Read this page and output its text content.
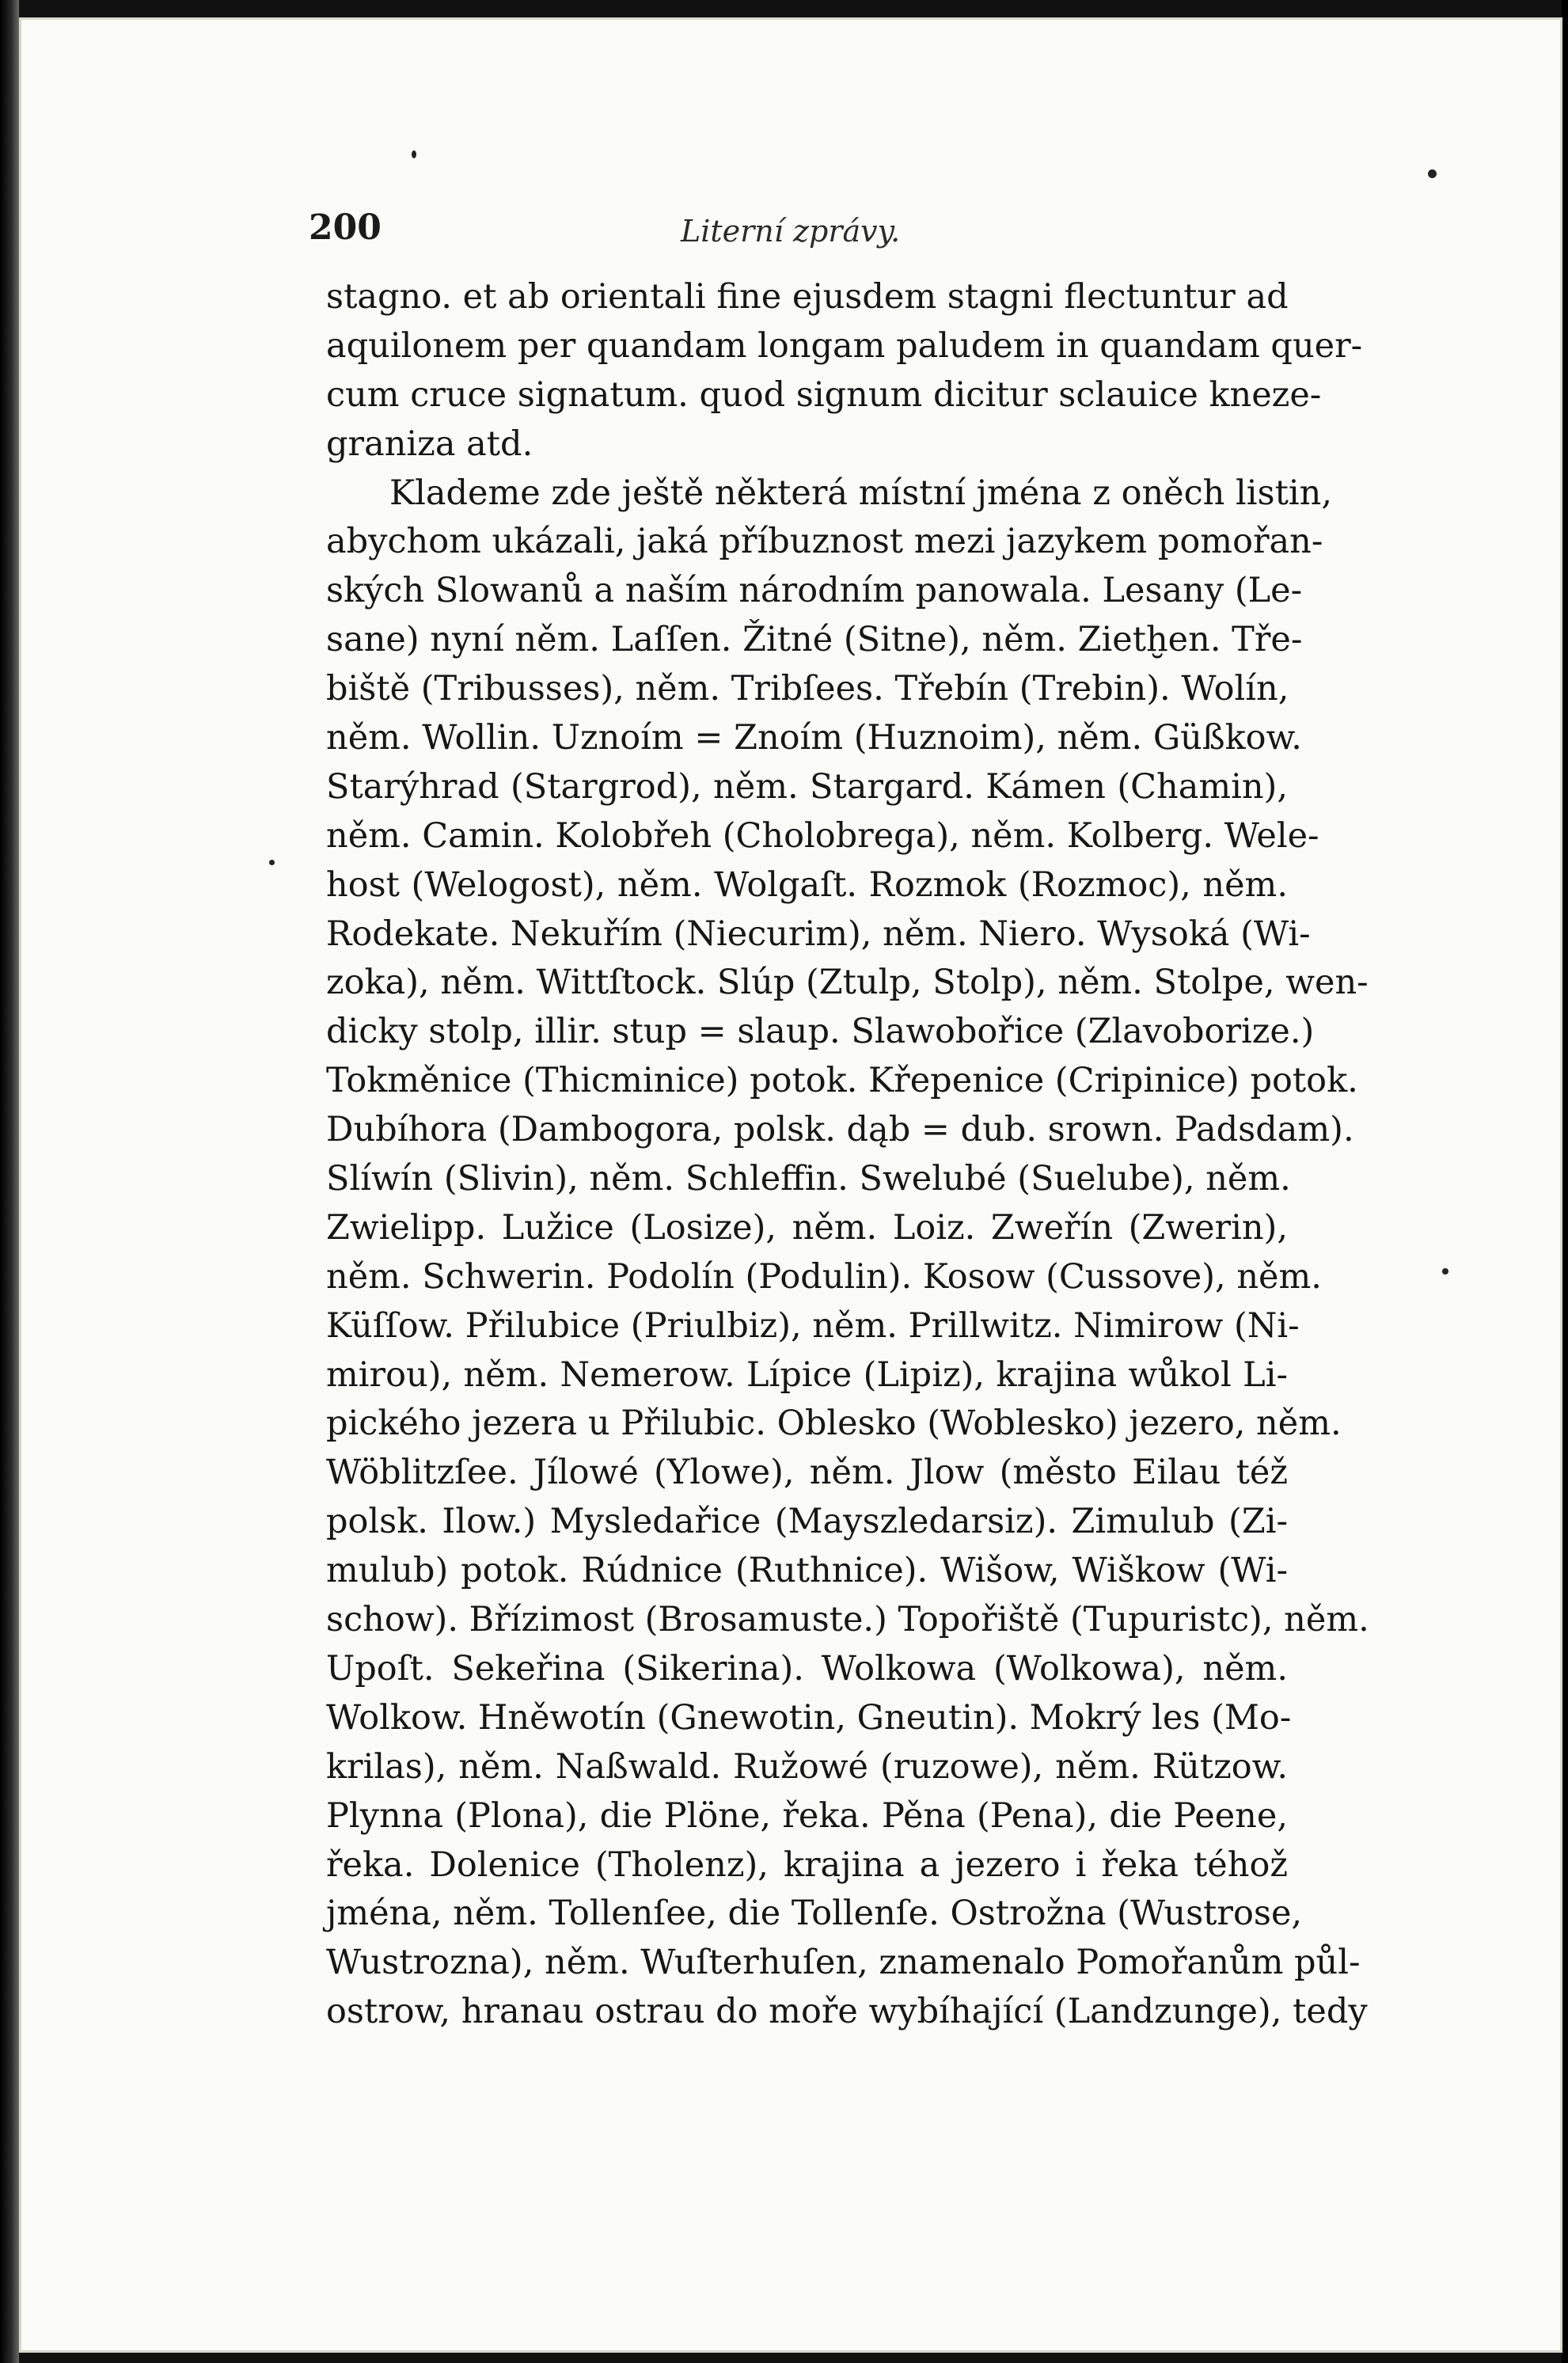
200	Literní zprávy.
stagno. et ab orientali fine ejusdem stagni flectuntur ad
aquilonem per quandam longam paludem in quandam quer-
cum cruce signatum. quod signum dicitur sclauice kneze-
graniza atd.
Klademe zde ještě některá místní jména z oněch listin,
abychom ukázali, jaká příbuznost mezi jazykem pomořan-
ských Slowanů a naším národním panowala. Lesany (Le-
sane) nyní něm. Laſſen. Žitné (Sitne), něm. Zietḫen. Tře-
biště (Tribusses), něm. Tribſees. Třebín (Trebin). Wolín,
něm. Wollin. Uznoím = Znoím (Huznoim), něm. Güßkow.
Starýhrad (Stargrod), něm. Stargard. Kámen (Chamin),
něm. Camin. Kolobřeh (Cholobrega), něm. Kolberg. Wele-
host (Welogost), něm. Wolgaſt. Rozmok (Rozmoc), něm.
Rodekate. Nekuřím (Niecurim), něm. Niero. Wysoká (Wi-
zoka), něm. Wittſtock. Slúp (Ztulp, Stolp), něm. Stolpe, wen-
dicky stolp, illir. stup = slaup. Slawobořice (Zlavoborize.)
Tokměnice (Thicminice) potok. Křepenice (Cripinice) potok.
Dubíhora (Dambogora, polsk. dąb = dub. srown. Padsdam).
Slíwín (Slivin), něm. Schleffin. Swelubé (Suelube), něm.
Zwielipp. Lužice (Losize), něm. Loiz. Zweřín (Zwerin),
něm. Schwerin. Podolín (Podulin). Kosow (Cussove), něm.
Küſſow. Přilubice (Priulbiz), něm. Prillwitz. Nimirow (Ni-
mirou), něm. Nemerow. Lípice (Lipiz), krajina wůkol Li-
pického jezera u Přilubic. Oblesko (Woblesko) jezero, něm.
Wöblitzſee. Jílowé (Ylowe), něm. Jlow (město Eilau též
polsk. Ilow.) Mysledařice (Mayszledarsiz). Zimulub (Zi-
mulub) potok. Rúdnice (Ruthnice). Wišow, Wiškow (Wi-
schow). Břízimost (Brosamuste.) Topořiště (Tupuristc), něm.
Upoſt. Sekeřina (Sikerina). Wolkowa (Wolkowa), něm.
Wolkow. Hněwotín (Gnewotin, Gneutin). Mokrý les (Mo-
krilas), něm. Naßwald. Ružowé (ruzowe), něm. Rützow.
Plynna (Plona), die Plöne, řeka. Pěna (Pena), die Peene,
řeka. Dolenice (Tholenz), krajina a jezero i řeka téhož
jména, něm. Tollenſee, die Tollenſe. Ostrožna (Wustrose,
Wustrozna), něm. Wuſterhuſen, znamenalo Pomořanům půl-
ostrow, hranau ostrau do moře wybíhající (Landzunge), tedy
